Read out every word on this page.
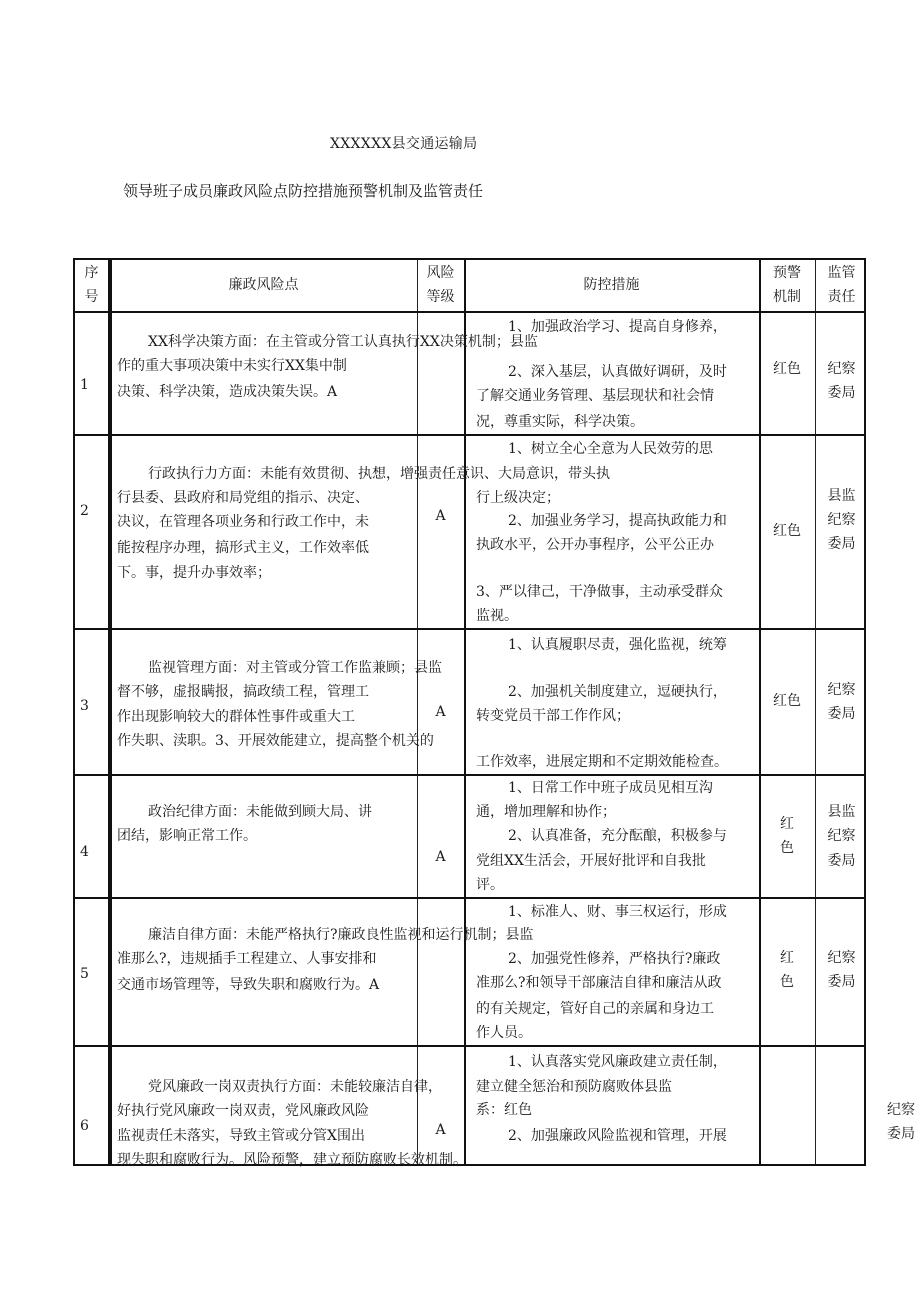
XXXXXX县交通运输局
领导班子成员廉政风险点防控措施预警机制及监管责任
序
号
廉政风险点
风险
等级
防控措施
预警
机制
监管
责任
1
XX科学决策方面：在主管或分管工认真执行XX决策机制；县监
作的重大事项决策中未实行XX集中制
决策、科学决策，造成决策失误。A
1、加强政治学习、提高自身修养，
2、深入基层，认真做好调研，及时
了解交通业务管理、基层现状和社会情
况，尊重实际，科学决策。
红色	纪察
委局
2
行政执行力方面：未能有效贯彻、执想，增强责任意识、大局意识，带头执
行县委、县政府和局党组的指示、决定、
决议，在管理各项业务和行政工作中，未
能按程序办理，搞形式主义，工作效率低
下。事，提升办事效率；
A
1、树立全心全意为人民效劳的思
行上级决定；
2、加强业务学习，提高执政能力和
执政水平，公开办事程序，公平公正办
3、严以律己，干净做事，主动承受群众
监视。
红色
县监
纪察
委局
3
监视管理方面：对主管或分管工作监兼顾；县监
督不够，虚报瞒报，搞政绩工程，管理工
作出现影响较大的群体性事件或重大工
作失职、渎职。3、开展效能建立，提高整个机关的
A
1、认真履职尽责，强化监视，统筹
2、加强机关制度建立，逗硬执行，
转变党员干部工作作风；
工作效率，进展定期和不定期效能检查。
红色
纪察
委局
4
政治纪律方面：未能做到顾大局、讲
团结，影响正常工作。
A
1、日常工作中班子成员见相互沟
通，增加理解和协作；
2、认真准备，充分酝酿，积极参与
党组XX生活会，开展好批评和自我批
评。
红
色
县监
纪察
委局
5
廉洁自律方面：未能严格执行?廉政良性监视和运行机制；县监
准那么?，违规插手工程建立、人事安排和
交通市场管理等，导致失职和腐败行为。A
1、标准人、财、事三权运行，形成
2、加强党性修养，严格执行?廉政
准那么?和领导干部廉洁自律和廉洁从政
的有关规定，管好自己的亲属和身边工
作人员。
红
色
纪察
委局
6
党风廉政一岗双责执行方面：未能较廉洁自律，
好执行党风廉政一岗双责，党风廉政风险
监视责任未落实，导致主管或分管X围出
现失职和腐败行为。风险预警，建立预防腐败长效机制。
A
1、认真落实党风廉政建立责任制，
建立健全惩治和预防腐败体县监
系：红色
2、加强廉政风险监视和管理，开展
纪察
委局
